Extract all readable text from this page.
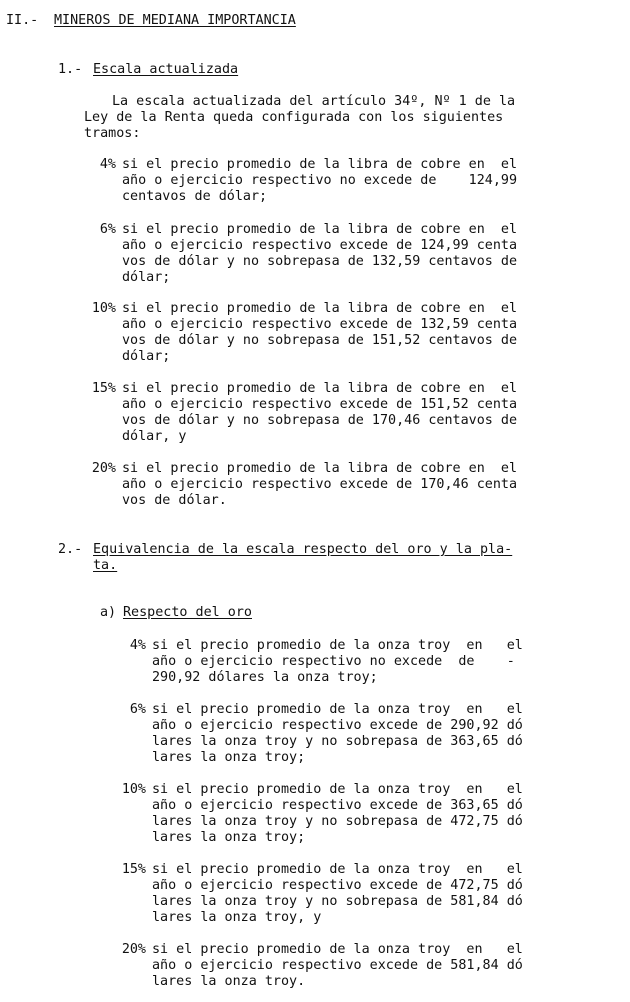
II.- MINEROS DE MEDIANA IMPORTANCIA
1.- Escala actualizada
La escala actualizada del artículo 34º, Nº 1 de la
Ley de la Renta queda configurada con los siguientes
tramos:
4% si el precio promedio de la libra de cobre en  el
año o ejercicio respectivo no excede de    124,99
centavos de dólar;
6% si el precio promedio de la libra de cobre en  el
año o ejercicio respectivo excede de 124,99 centa
vos de dólar y no sobrepasa de 132,59 centavos de
dólar;
10% si el precio promedio de la libra de cobre en  el
año o ejercicio respectivo excede de 132,59 centa
vos de dólar y no sobrepasa de 151,52 centavos de
dólar;
15% si el precio promedio de la libra de cobre en  el
año o ejercicio respectivo excede de 151,52 centa
vos de dólar y no sobrepasa de 170,46 centavos de
dólar, y
20% si el precio promedio de la libra de cobre en  el
año o ejercicio respectivo excede de 170,46 centa
vos de dólar.
2.- Equivalencia de la escala respecto del oro y la pla-
ta.
a) Respecto del oro
4% si el precio promedio de la onza troy  en   el
año o ejercicio respectivo no excede  de    -
290,92 dólares la onza troy;
6% si el precio promedio de la onza troy  en   el
año o ejercicio respectivo excede de 290,92 dó
lares la onza troy y no sobrepasa de 363,65 dó
lares la onza troy;
10% si el precio promedio de la onza troy  en   el
año o ejercicio respectivo excede de 363,65 dó
lares la onza troy y no sobrepasa de 472,75 dó
lares la onza troy;
15% si el precio promedio de la onza troy  en   el
año o ejercicio respectivo excede de 472,75 dó
lares la onza troy y no sobrepasa de 581,84 dó
lares la onza troy, y
20% si el precio promedio de la onza troy  en   el
año o ejercicio respectivo excede de 581,84 dó
lares la onza troy.
